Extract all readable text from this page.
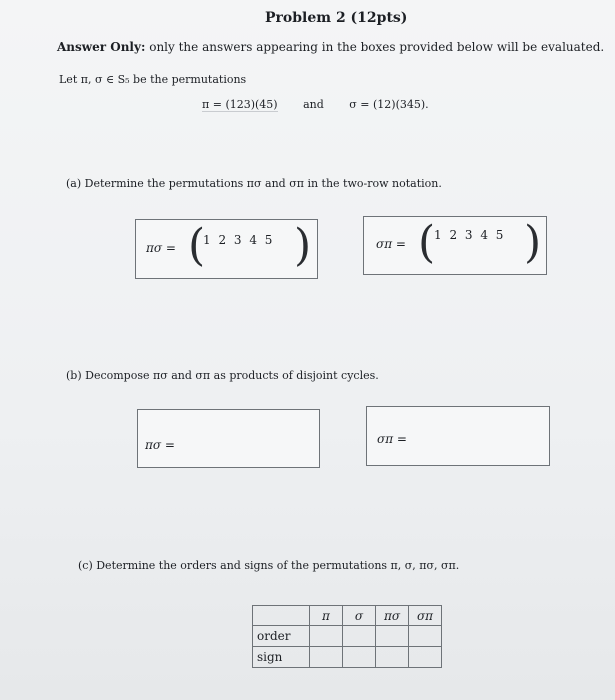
Problem 2 (12pts)
Answer Only: only the answers appearing in the boxes provided below will be evaluated.
Let π, σ ∈ S₅ be the permutations
π = (123)(45) and σ = (12)(345).
(a) Determine the permutations πσ and σπ in the two-row notation.
πσ = (
1 2 3 4 5 )	σπ = (
1 2 3 4 5 )
(b) Decompose πσ and σπ as products of disjoint cycles.
πσ =	σπ =
(c) Determine the orders and signs of the permutations π, σ, πσ, σπ.
	π	σ	πσ	σπ
order				
sign				
